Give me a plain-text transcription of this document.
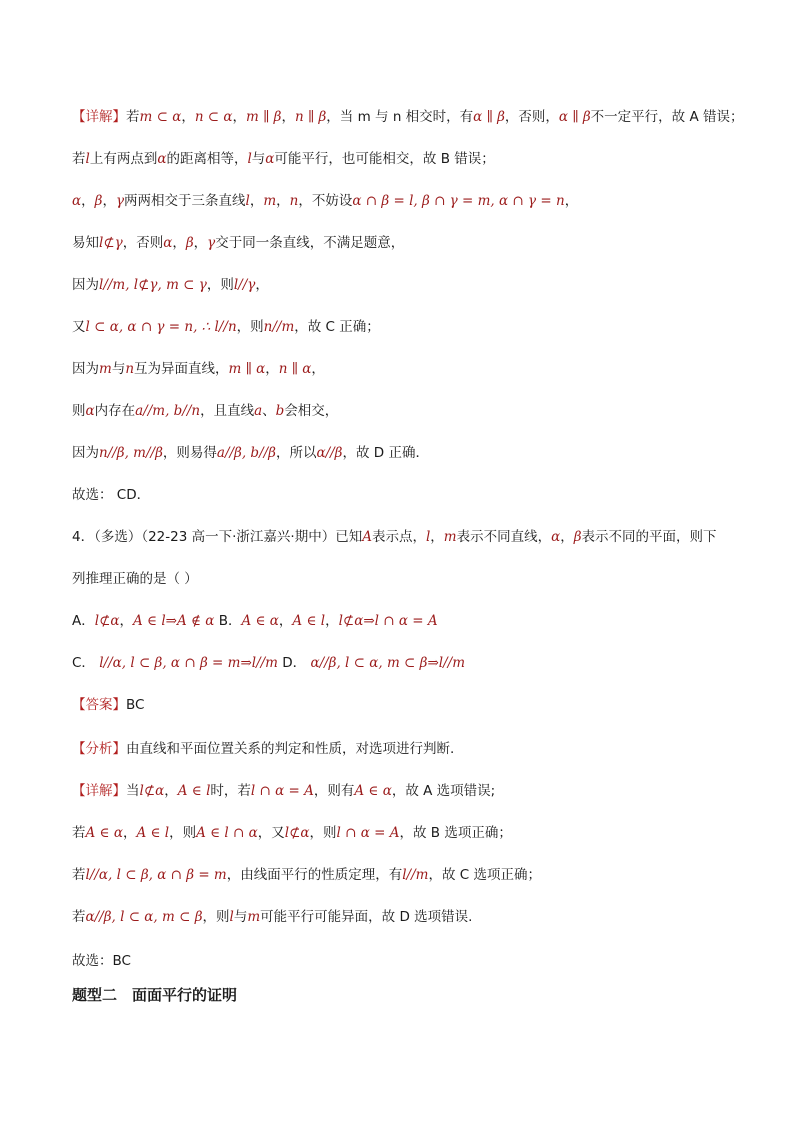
【详解】若m ⊂ α，n ⊂ α，m ∥ β，n ∥ β，当 m 与 n 相交时，有α ∥ β，否则，α ∥ β不一定平行，故 A 错误；
若l上有两点到α的距离相等，l与α可能平行，也可能相交，故 B 错误；
α，β，γ两两相交于三条直线l，m，n，不妨设α ∩ β = l, β ∩ γ = m, α ∩ γ = n，
易知l⊄γ，否则α，β，γ交于同一条直线，不满足题意，
因为l//m, l⊄γ, m ⊂ γ，则l//γ，
又l ⊂ α, α ∩ γ = n, ∴ l//n，则n//m，故 C 正确；
因为m与n互为异面直线，m ∥ α，n ∥ α，
则α内存在a//m, b//n，且直线a、b会相交，
因为n//β, m//β，则易得a//β, b//β，所以α//β，故 D 正确．
故选： CD．
4．（多选）（22-23 高一下·浙江嘉兴·期中）已知A表示点，l，m表示不同直线，α，β表示不同的平面，则下
列推理正确的是（ ）
A．l⊄α，A ∈ l⇒A ∉ α B．A ∈ α，A ∈ l，l⊄α⇒l ∩ α = A
C． l//α, l ⊂ β, α ∩ β = m⇒l//m D． α//β, l ⊂ α, m ⊂ β⇒l//m
【答案】BC
【分析】由直线和平面位置关系的判定和性质，对选项进行判断.
【详解】当l⊄α，A ∈ l时，若l ∩ α = A，则有A ∈ α，故 A 选项错误;
若A ∈ α，A ∈ l，则A ∈ l ∩ α，又l⊄α，则l ∩ α = A，故 B 选项正确；
若l//α, l ⊂ β, α ∩ β = m，由线面平行的性质定理，有l//m，故 C 选项正确；
若α//β, l ⊂ α, m ⊂ β，则l与m可能平行可能异面，故 D 选项错误.
故选：BC
题型二　面面平行的证明
